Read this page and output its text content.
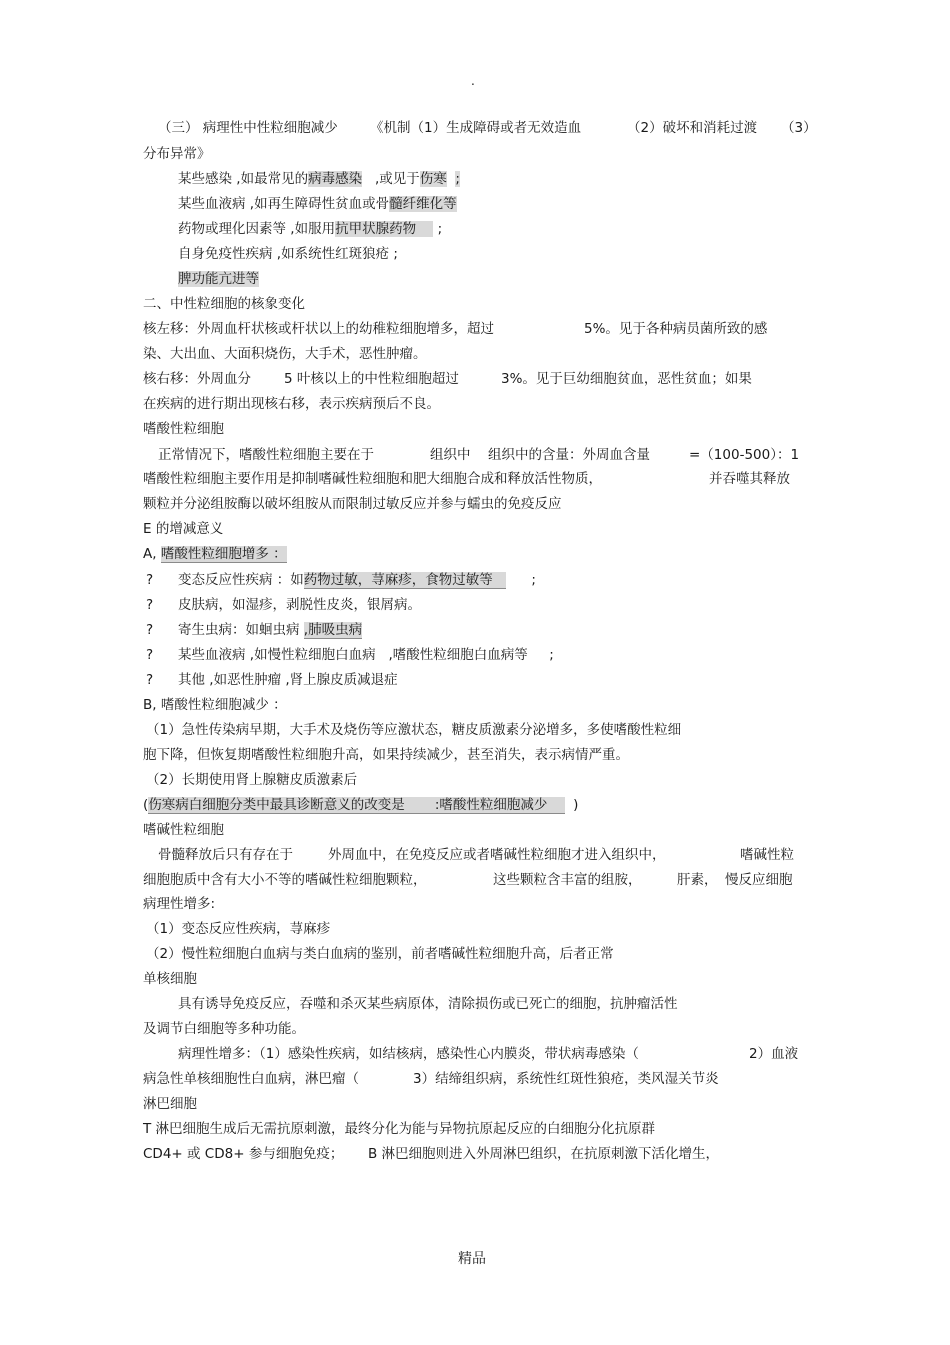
.
（三） 病理性中性粒细胞减少 《机制（1）生成障碍或者无效造血	（2）破坏和消耗过渡 （3）
分布异常》
某些感染 ,如最常见的病毒感染 ,或见于伤寒 ;
某些血液病 ,如再生障碍性贫血或骨髓纤维化等
药物或理化因素等 ,如服用抗甲状腺药物 ;
自身免疫性疾病 ,如系统性红斑狼疮 ;
脾功能亢进等
二、中性粒细胞的核象变化
核左移：外周血杆状核或杆状以上的幼稚粒细胞增多，超过	5%。见于各种病员菌所致的感
染、大出血、大面积烧伤，大手术，恶性肿瘤。
核右移：外周血分 5 叶核以上的中性粒细胞超过	3%。见于巨幼细胞贫血，恶性贫血；如果
在疾病的进行期出现核右移，表示疾病预后不良。
嗜酸性粒细胞
正常情况下，嗜酸性粒细胞主要在于	组织中 组织中的含量：外周血含量	=（100-500）：1
嗜酸性粒细胞主要作用是抑制嗜碱性粒细胞和肥大细胞合成和释放活性物质，	并吞噬其释放
颗粒并分泌组胺酶以破坏组胺从而限制过敏反应并参与蠕虫的免疫反应
E 的增减意义
A, 嗜酸性粒细胞增多 ：
? 变态反应性疾病 ：如药物过敏，荨麻疹，食物过敏等	;
? 皮肤病，如湿疹，剥脱性皮炎，银屑病。
? 寄生虫病：如蛔虫病 ,肺吸虫病
? 某些血液病 ,如慢性粒细胞白血病 ,嗜酸性粒细胞白血病等 ;
? 其他 ,如恶性肿瘤 ,肾上腺皮质减退症
B, 嗜酸性粒细胞减少 ：
（1）急性传染病早期，大手术及烧伤等应激状态，糖皮质激素分泌增多，多使嗜酸性粒细
胞下降，但恢复期嗜酸性粒细胞升高，如果持续减少，甚至消失，表示病情严重。
（2）长期使用肾上腺糖皮质激素后
(伤寒病白细胞分类中最具诊断意义的改变是 :嗜酸性粒细胞减少 )
嗜碱性粒细胞
骨髓释放后只有存在于	外周血中，在免疫反应或者嗜碱性粒细胞才进入组织中，	嗜碱性粒
细胞胞质中含有大小不等的嗜碱性粒细胞颗粒，	这些颗粒含丰富的组胺，	肝素， 慢反应细胞
病理性增多:
（1）变态反应性疾病，荨麻疹
（2）慢性粒细胞白血病与类白血病的鉴别，前者嗜碱性粒细胞升高，后者正常
单核细胞
具有诱导免疫反应，吞噬和杀灭某些病原体，清除损伤或已死亡的细胞，抗肿瘤活性
及调节白细胞等多种功能。
病理性增多：（1）感染性疾病，如结核病，感染性心内膜炎，带状病毒感染（	2）血液
病急性单核细胞性白血病，淋巴瘤（	3）结缔组织病，系统性红斑性狼疮，类风湿关节炎
淋巴细胞
T 淋巴细胞生成后无需抗原刺激，最终分化为能与异物抗原起反应的白细胞分化抗原群
CD4+ 或 CD8+ 参与细胞免疫； B 淋巴细胞则进入外周淋巴组织，在抗原刺激下活化增生，
精品
